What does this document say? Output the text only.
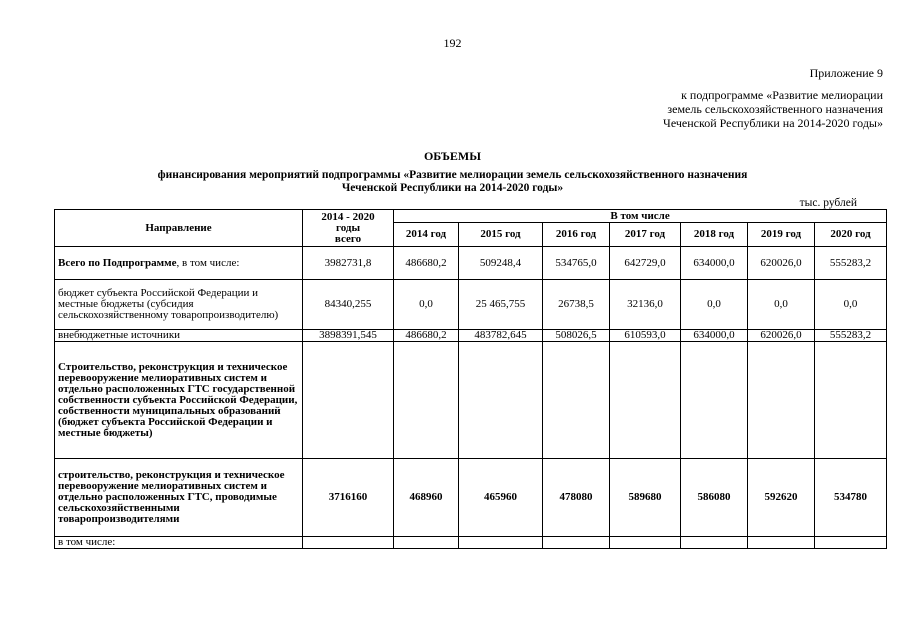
192
Приложение 9
к подпрограмме «Развитие мелиорации
земель сельскохозяйственного назначения
Чеченской Республики на 2014-2020 годы»
ОБЪЕМЫ
финансирования мероприятий подпрограммы «Развитие мелиорации земель сельскохозяйственного назначения
Чеченской Республики на 2014-2020 годы»
тыс. рублей
Направление	2014 - 2020
годы
всего	В том числе						
		2014 год	2015 год	2016 год	2017 год	2018 год	2019 год	2020 год
Всего по Подпрограмме, в том числе:	3982731,8	486680,2	509248,4	534765,0	642729,0	634000,0	620026,0	555283,2
бюджет субъекта Российской Федерации и местные бюджеты (субсидия сельскохозяйственному товаропроизводителю)	84340,255	0,0	25 465,755	26738,5	32136,0	0,0	0,0	0,0
внебюджетные источники	3898391,545	486680,2	483782,645	508026,5	610593,0	634000,0	620026,0	555283,2
Строительство, реконструкция и техническое перевооружение мелиоративных систем и отдельно расположенных ГТС государственной собственности субъекта Российской Федерации, собственности муниципальных образований (бюджет субъекта Российской Федерации и местные бюджеты)								
строительство, реконструкция и техническое перевооружение мелиоративных систем и отдельно расположенных ГТС, проводимые сельскохозяйственными товаропроизводителями	3716160	468960	465960	478080	589680	586080	592620	534780
в том числе:								
